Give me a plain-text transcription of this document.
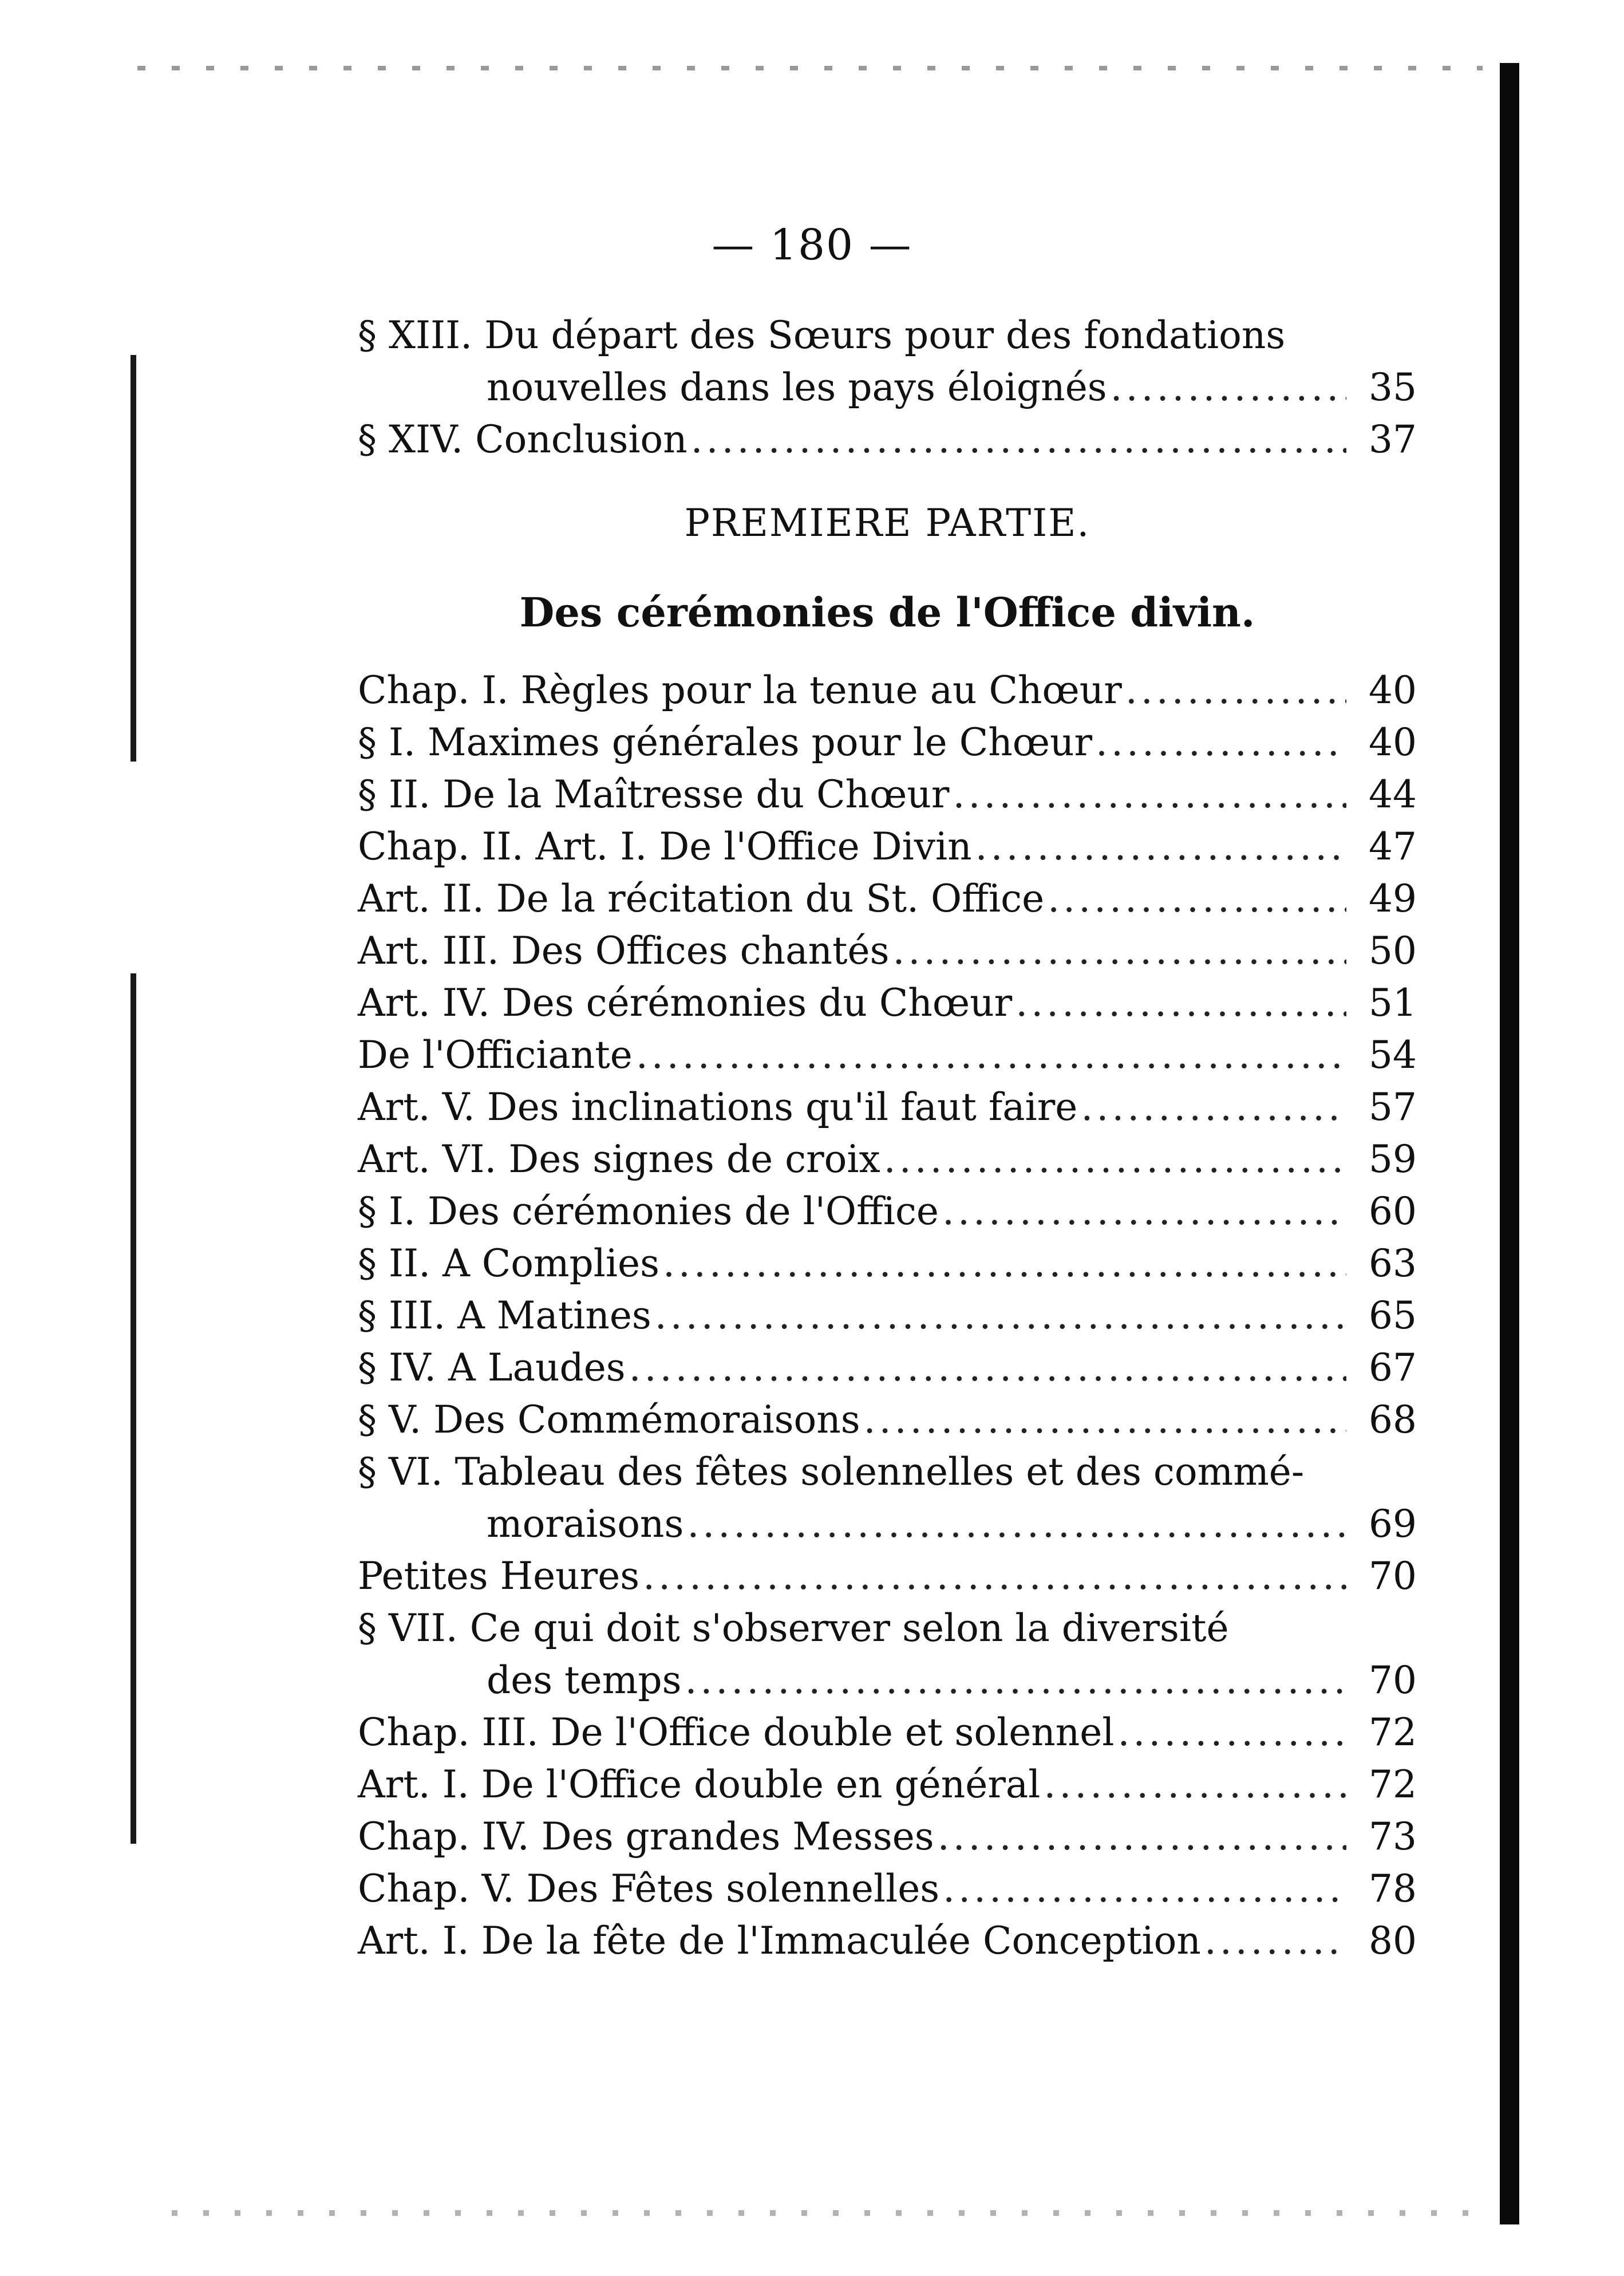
— 180 —
§ XIII. Du départ des Sœurs pour des fondations
nouvelles dans les pays éloignés .....	35
§ XIV. Conclusion .....	37
PREMIERE PARTIE.
Des cérémonies de l'Office divin.
Chap. I. Règles pour la tenue au Chœur .....	40
§ I. Maximes générales pour le Chœur .....	40
§ II. De la Maîtresse du Chœur .....	44
Chap. II. Art. I. De l'Office Divin .....	47
Art. II. De la récitation du St. Office .....	49
Art. III. Des Offices chantés .....	50
Art. IV. Des cérémonies du Chœur .....	51
De l'Officiante .....	54
Art. V. Des inclinations qu'il faut faire .....	57
Art. VI. Des signes de croix .....	59
§ I. Des cérémonies de l'Office .....	60
§ II. A Complies .....	63
§ III. A Matines .....	65
§ IV. A Laudes .....	67
§ V. Des Commémoraisons .....	68
§ VI. Tableau des fêtes solennelles et des commé-
moraisons .....	69
Petites Heures .....	70
§ VII. Ce qui doit s'observer selon la diversité
des temps .....	70
Chap. III. De l'Office double et solennel .....	72
Art. I. De l'Office double en général .....	72
Chap. IV. Des grandes Messes .....	73
Chap. V. Des Fêtes solennelles .....	78
Art. I. De la fête de l'Immaculée Conception .....	80
